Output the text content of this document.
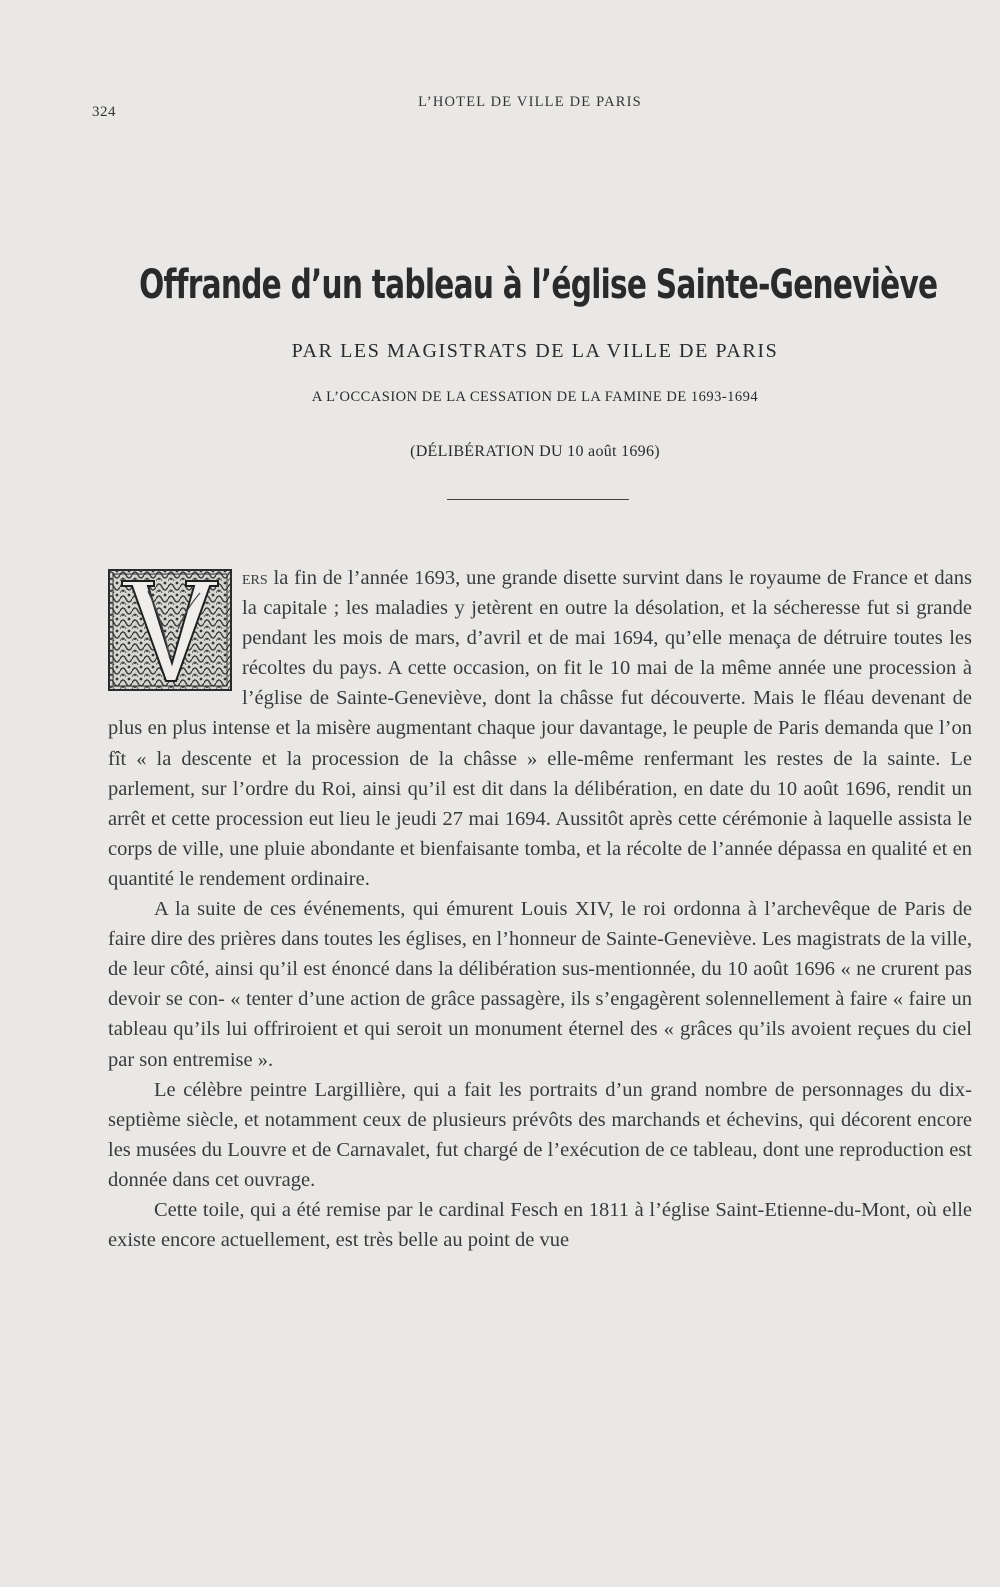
324
L’HOTEL DE VILLE DE PARIS
Offrande d’un tableau à l’église Sainte-Geneviève
PAR LES MAGISTRATS DE LA VILLE DE PARIS
A L’OCCASION DE LA CESSATION DE LA FAMINE DE 1693-1694
(DÉLIBÉRATION DU 10 août 1696)

ers la fin de l’année 1693, une grande disette survint dans le royaume de France et dans la capitale ; les maladies y jetèrent en outre la désolation, et la sécheresse fut si grande pendant les mois de mars, d’avril et de mai 1694, qu’elle menaça de détruire toutes les récoltes du pays. A cette occasion, on fit le 10 mai de la même année une procession à l’église de Sainte-Geneviève, dont la châsse fut découverte. Mais le fléau devenant de plus en plus intense et la misère augmentant chaque jour davantage, le peuple de Paris demanda que l’on fît « la descente et la procession de la châsse » elle-même renfermant les restes de la sainte. Le parlement, sur l’ordre du Roi, ainsi qu’il est dit dans la délibération, en date du 10 août 1696, rendit un arrêt et cette procession eut lieu le jeudi 27 mai 1694. Aussitôt après cette cérémonie à laquelle assista le corps de ville, une pluie abondante et bienfaisante tomba, et la récolte de l’année dépassa en qualité et en quantité le rendement ordinaire.

A la suite de ces événements, qui émurent Louis XIV, le roi ordonna à l’archevêque de Paris de faire dire des prières dans toutes les églises, en l’honneur de Sainte-Geneviève. Les magistrats de la ville, de leur côté, ainsi qu’il est énoncé dans la délibération sus-mentionnée, du 10 août 1696 « ne crurent pas devoir se con- « tenter d’une action de grâce passagère, ils s’engagèrent solennellement à faire « faire un tableau qu’ils lui offriroient et qui seroit un monument éternel des « grâces qu’ils avoient reçues du ciel par son entremise ».

Le célèbre peintre Largillière, qui a fait les portraits d’un grand nombre de personnages du dix-septième siècle, et notamment ceux de plusieurs prévôts des marchands et échevins, qui décorent encore les musées du Louvre et de Carnavalet, fut chargé de l’exécution de ce tableau, dont une reproduction est donnée dans cet ouvrage.

Cette toile, qui a été remise par le cardinal Fesch en 1811 à l’église Saint-Etienne-du-Mont, où elle existe encore actuellement, est très belle au point de vue
